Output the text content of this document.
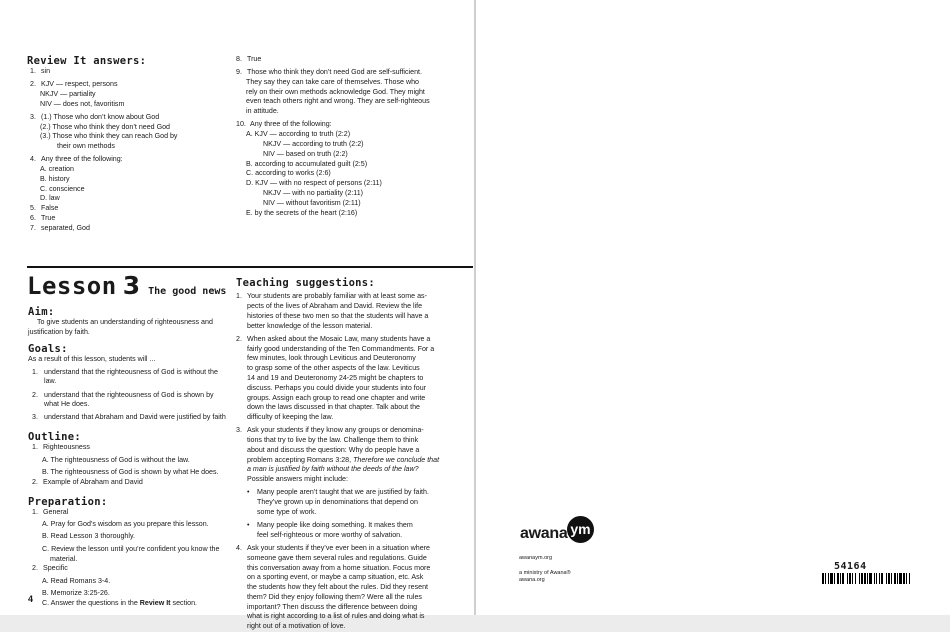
Review It answers:
1. sin
2. KJV — respect, persons
NKJV — partiality
NIV — does not, favoritism
3. (1.) Those who don’t know about God
(2.) Those who think they don’t need God
(3.) Those who think they can reach God by
their own methods
4. Any three of the following:
A. creation
B. history
C. conscience
D. law
5. False
6. True
7. separated, God
8. True
9. Those who think they don’t need God are self-sufficient.
They say they can take care of themselves. Those who
rely on their own methods acknowledge God. They might
even teach others right and wrong. They are self-righteous
in attitude.
10. Any three of the following:
A. KJV — according to truth (2:2)
NKJV — according to truth (2:2)
NIV — based on truth (2:2)
B. according to accumulated guilt (2:5)
C. according to works (2:6)
D. KJV — with no respect of persons (2:11)
NKJV — with no partiality (2:11)
NIV — without favoritism (2:11)
E. by the secrets of the heart (2:16)
Lesson 3 The good news
Aim:
To give students an understanding of righteousness and
justification by faith.
Goals:
As a result of this lesson, students will ...
1. understand that the righteousness of God is without the law.
2. understand that the righteousness of God is shown by
what He does.
3. understand that Abraham and David were justified by faith
Outline:
1. Righteousness
A. The righteousness of God is without the law.
B. The righteousness of God is shown by what He does.
2. Example of Abraham and David
Preparation:
1. General
A. Pray for God’s wisdom as you prepare this lesson.
B. Read Lesson 3 thoroughly.
C. Review the lesson until you’re confident you know the
material.
2. Specific
A. Read Romans 3-4.
B. Memorize 3:25-26.
C. Answer the questions in the Review It section.
Teaching suggestions:
1. Your students are probably familiar with at least some as-
pects of the lives of Abraham and David. Review the life
histories of these two men so that the students will have a
better knowledge of the lesson material.
2. When asked about the Mosaic Law, many students have a
fairly good understanding of the Ten Commandments. For a
few minutes, look through Leviticus and Deuteronomy
to grasp some of the other aspects of the law. Leviticus
14 and 19 and Deuteronomy 24-25 might be chapters to
discuss. Perhaps you could divide your students into four
groups. Assign each group to read one chapter and write
down the laws discussed in that chapter. Talk about the
difficulty of keeping the law.
3. Ask your students if they know any groups or denomina-
tions that try to live by the law. Challenge them to think
about and discuss the question: Why do people have a
problem accepting Romans 3:28, Therefore we conclude that
a man is justified by faith without the deeds of the law?
Possible answers might include:
•	Many people aren’t taught that we are justified by faith.
They’ve grown up in denominations that depend on
some type of work.
•	Many people like doing something. It makes them
feel self-righteous or more worthy of salvation.
4. Ask your students if they’ve ever been in a situation where
someone gave them several rules and regulations. Guide
this conversation away from a home situation. Focus more
on a sporting event, or maybe a camp situation, etc. Ask
the students how they felt about the rules. Did they resent
them? Did they enjoy following them? Were all the rules
important? Then discuss the difference between doing
what is right according to a list of rules and doing what is
right out of a motivation of love.
4
awana ym
awanaym.org
a ministry of Awana®
awana.org
54164
